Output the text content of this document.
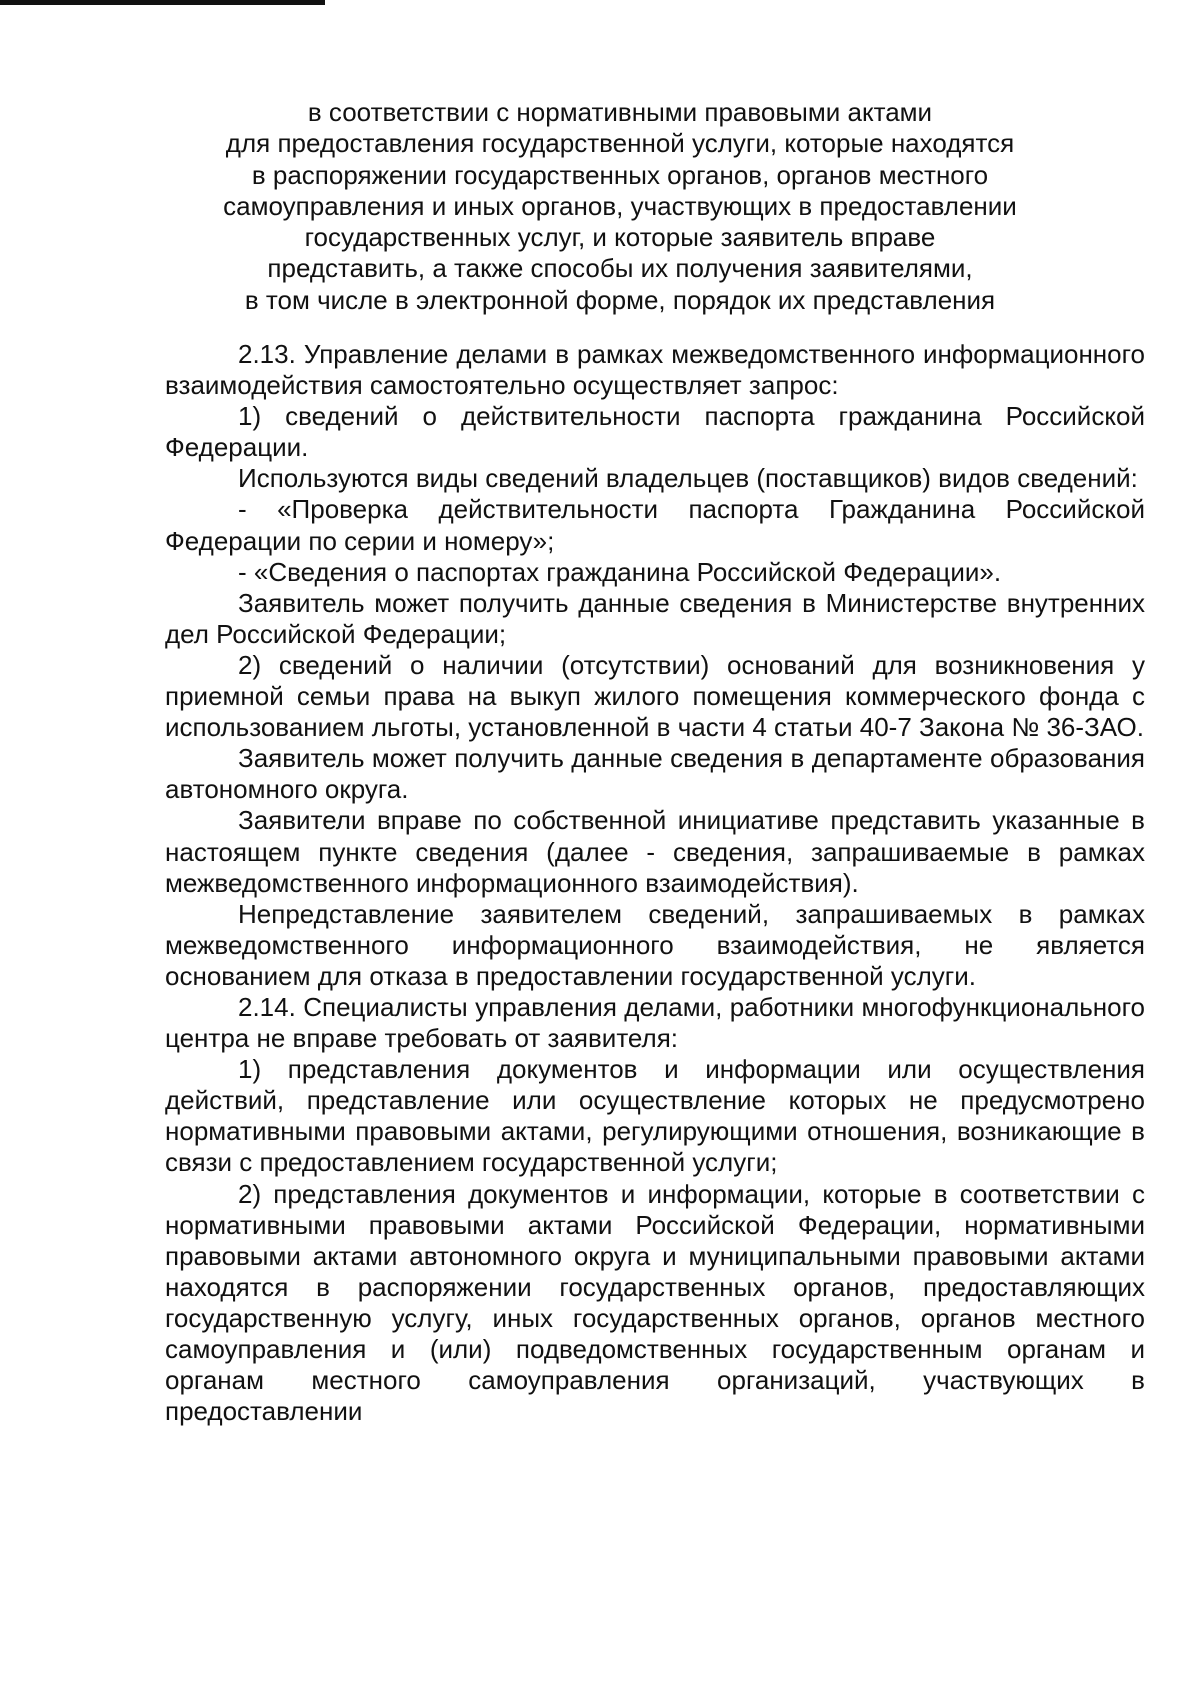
в соответствии с нормативными правовыми актами
для предоставления государственной услуги, которые находятся
в распоряжении государственных органов, органов местного
самоуправления и иных органов, участвующих в предоставлении
государственных услуг, и которые заявитель вправе
представить, а также способы их получения заявителями,
в том числе в электронной форме, порядок их представления

2.13. Управление делами в рамках межведомственного информационного взаимодействия самостоятельно осуществляет запрос:

1) сведений о действительности паспорта гражданина Российской Федерации.

Используются виды сведений владельцев (поставщиков) видов сведений:

- «Проверка действительности паспорта Гражданина Российской Федерации по серии и номеру»;

- «Сведения о паспортах гражданина Российской Федерации».

Заявитель может получить данные сведения в Министерстве внутренних дел Российской Федерации;

2) сведений о наличии (отсутствии) оснований для возникновения у приемной семьи права на выкуп жилого помещения коммерческого фонда с использованием льготы, установленной в части 4 статьи 40-7 Закона № 36-ЗАО.

Заявитель может получить данные сведения в департаменте образования автономного округа.

Заявители вправе по собственной инициативе представить указанные в настоящем пункте сведения (далее - сведения, запрашиваемые в рамках межведомственного информационного взаимодействия).

Непредставление заявителем сведений, запрашиваемых в рамках межведомственного информационного взаимодействия, не является основанием для отказа в предоставлении государственной услуги.

2.14. Специалисты управления делами, работники многофункционального центра не вправе требовать от заявителя:

1) представления документов и информации или осуществления действий, представление или осуществление которых не предусмотрено нормативными правовыми актами, регулирующими отношения, возникающие в связи с предоставлением государственной услуги;

2) представления документов и информации, которые в соответствии с нормативными правовыми актами Российской Федерации, нормативными правовыми актами автономного округа и муниципальными правовыми актами находятся в распоряжении государственных органов, предоставляющих государственную услугу, иных государственных органов, органов местного самоуправления и (или) подведомственных государственным органам и органам местного самоуправления организаций, участвующих в предоставлении
